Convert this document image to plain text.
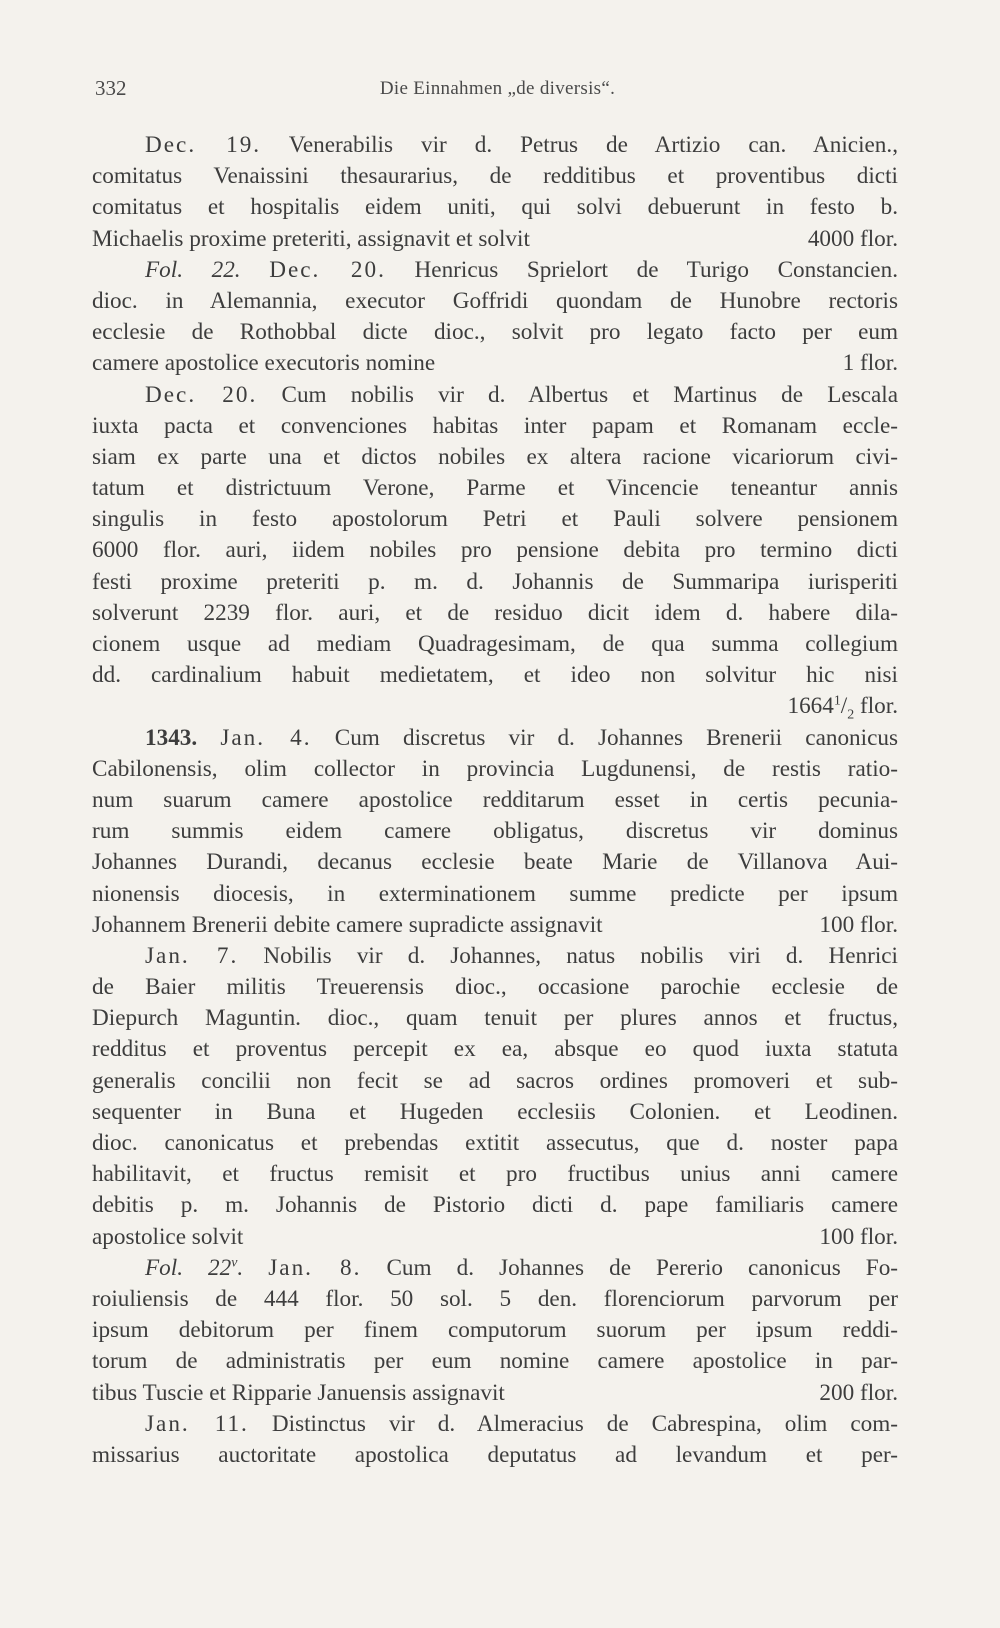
332	Die Einnahmen „de diversis“.
Dec. 19. Venerabilis vir d. Petrus de Artizio can. Anicien.,
comitatus Venaissini thesaurarius, de redditibus et proventibus dicti
comitatus et hospitalis eidem uniti, qui solvi debuerunt in festo b.
Michaelis proxime preteriti, assignavit et solvit	4000 flor.
Fol. 22. Dec. 20. Henricus Sprielort de Turigo Constancien.
dioc. in Alemannia, executor Goffridi quondam de Hunobre rectoris
ecclesie de Rothobbal dicte dioc., solvit pro legato facto per eum
camere apostolice executoris nomine	1 flor.
Dec. 20. Cum nobilis vir d. Albertus et Martinus de Lescala
iuxta pacta et convenciones habitas inter papam et Romanam eccle-
siam ex parte una et dictos nobiles ex altera racione vicariorum civi-
tatum et districtuum Verone, Parme et Vincencie teneantur annis
singulis in festo apostolorum Petri et Pauli solvere pensionem
6000 flor. auri, iidem nobiles pro pensione debita pro termino dicti
festi proxime preteriti p. m. d. Johannis de Summaripa iurisperiti
solverunt 2239 flor. auri, et de residuo dicit idem d. habere dila-
cionem usque ad mediam Quadragesimam, de qua summa collegium
dd. cardinalium habuit medietatem, et ideo non solvitur hic nisi
$1664^1/_2$ flor.
1343. Jan. 4. Cum discretus vir d. Johannes Brenerii canonicus
Cabilonensis, olim collector in provincia Lugdunensi, de restis ratio-
num suarum camere apostolice redditarum esset in certis pecunia-
rum summis eidem camere obligatus, discretus vir dominus
Johannes Durandi, decanus ecclesie beate Marie de Villanova Aui-
nionensis diocesis, in exterminationem summe predicte per ipsum
Johannem Brenerii debite camere supradicte assignavit	100 flor.
Jan. 7. Nobilis vir d. Johannes, natus nobilis viri d. Henrici
de Baier militis Treuerensis dioc., occasione parochie ecclesie de
Diepurch Maguntin. dioc., quam tenuit per plures annos et fructus,
redditus et proventus percepit ex ea, absque eo quod iuxta statuta
generalis concilii non fecit se ad sacros ordines promoveri et sub-
sequenter in Buna et Hugeden ecclesiis Colonien. et Leodinen.
dioc. canonicatus et prebendas extitit assecutus, que d. noster papa
habilitavit, et fructus remisit et pro fructibus unius anni camere
debitis p. m. Johannis de Pistorio dicti d. pape familiaris camere
apostolice solvit	100 flor.
Fol. 22$^v$. Jan. 8. Cum d. Johannes de Pererio canonicus Fo-
roiuliensis de 444 flor. 50 sol. 5 den. florenciorum parvorum per
ipsum debitorum per finem computorum suorum per ipsum reddi-
torum de administratis per eum nomine camere apostolice in par-
tibus Tuscie et Ripparie Januensis assignavit	200 flor.
Jan. 11. Distinctus vir d. Almeracius de Cabrespina, olim com-
missarius auctoritate apostolica deputatus ad levandum et per-
